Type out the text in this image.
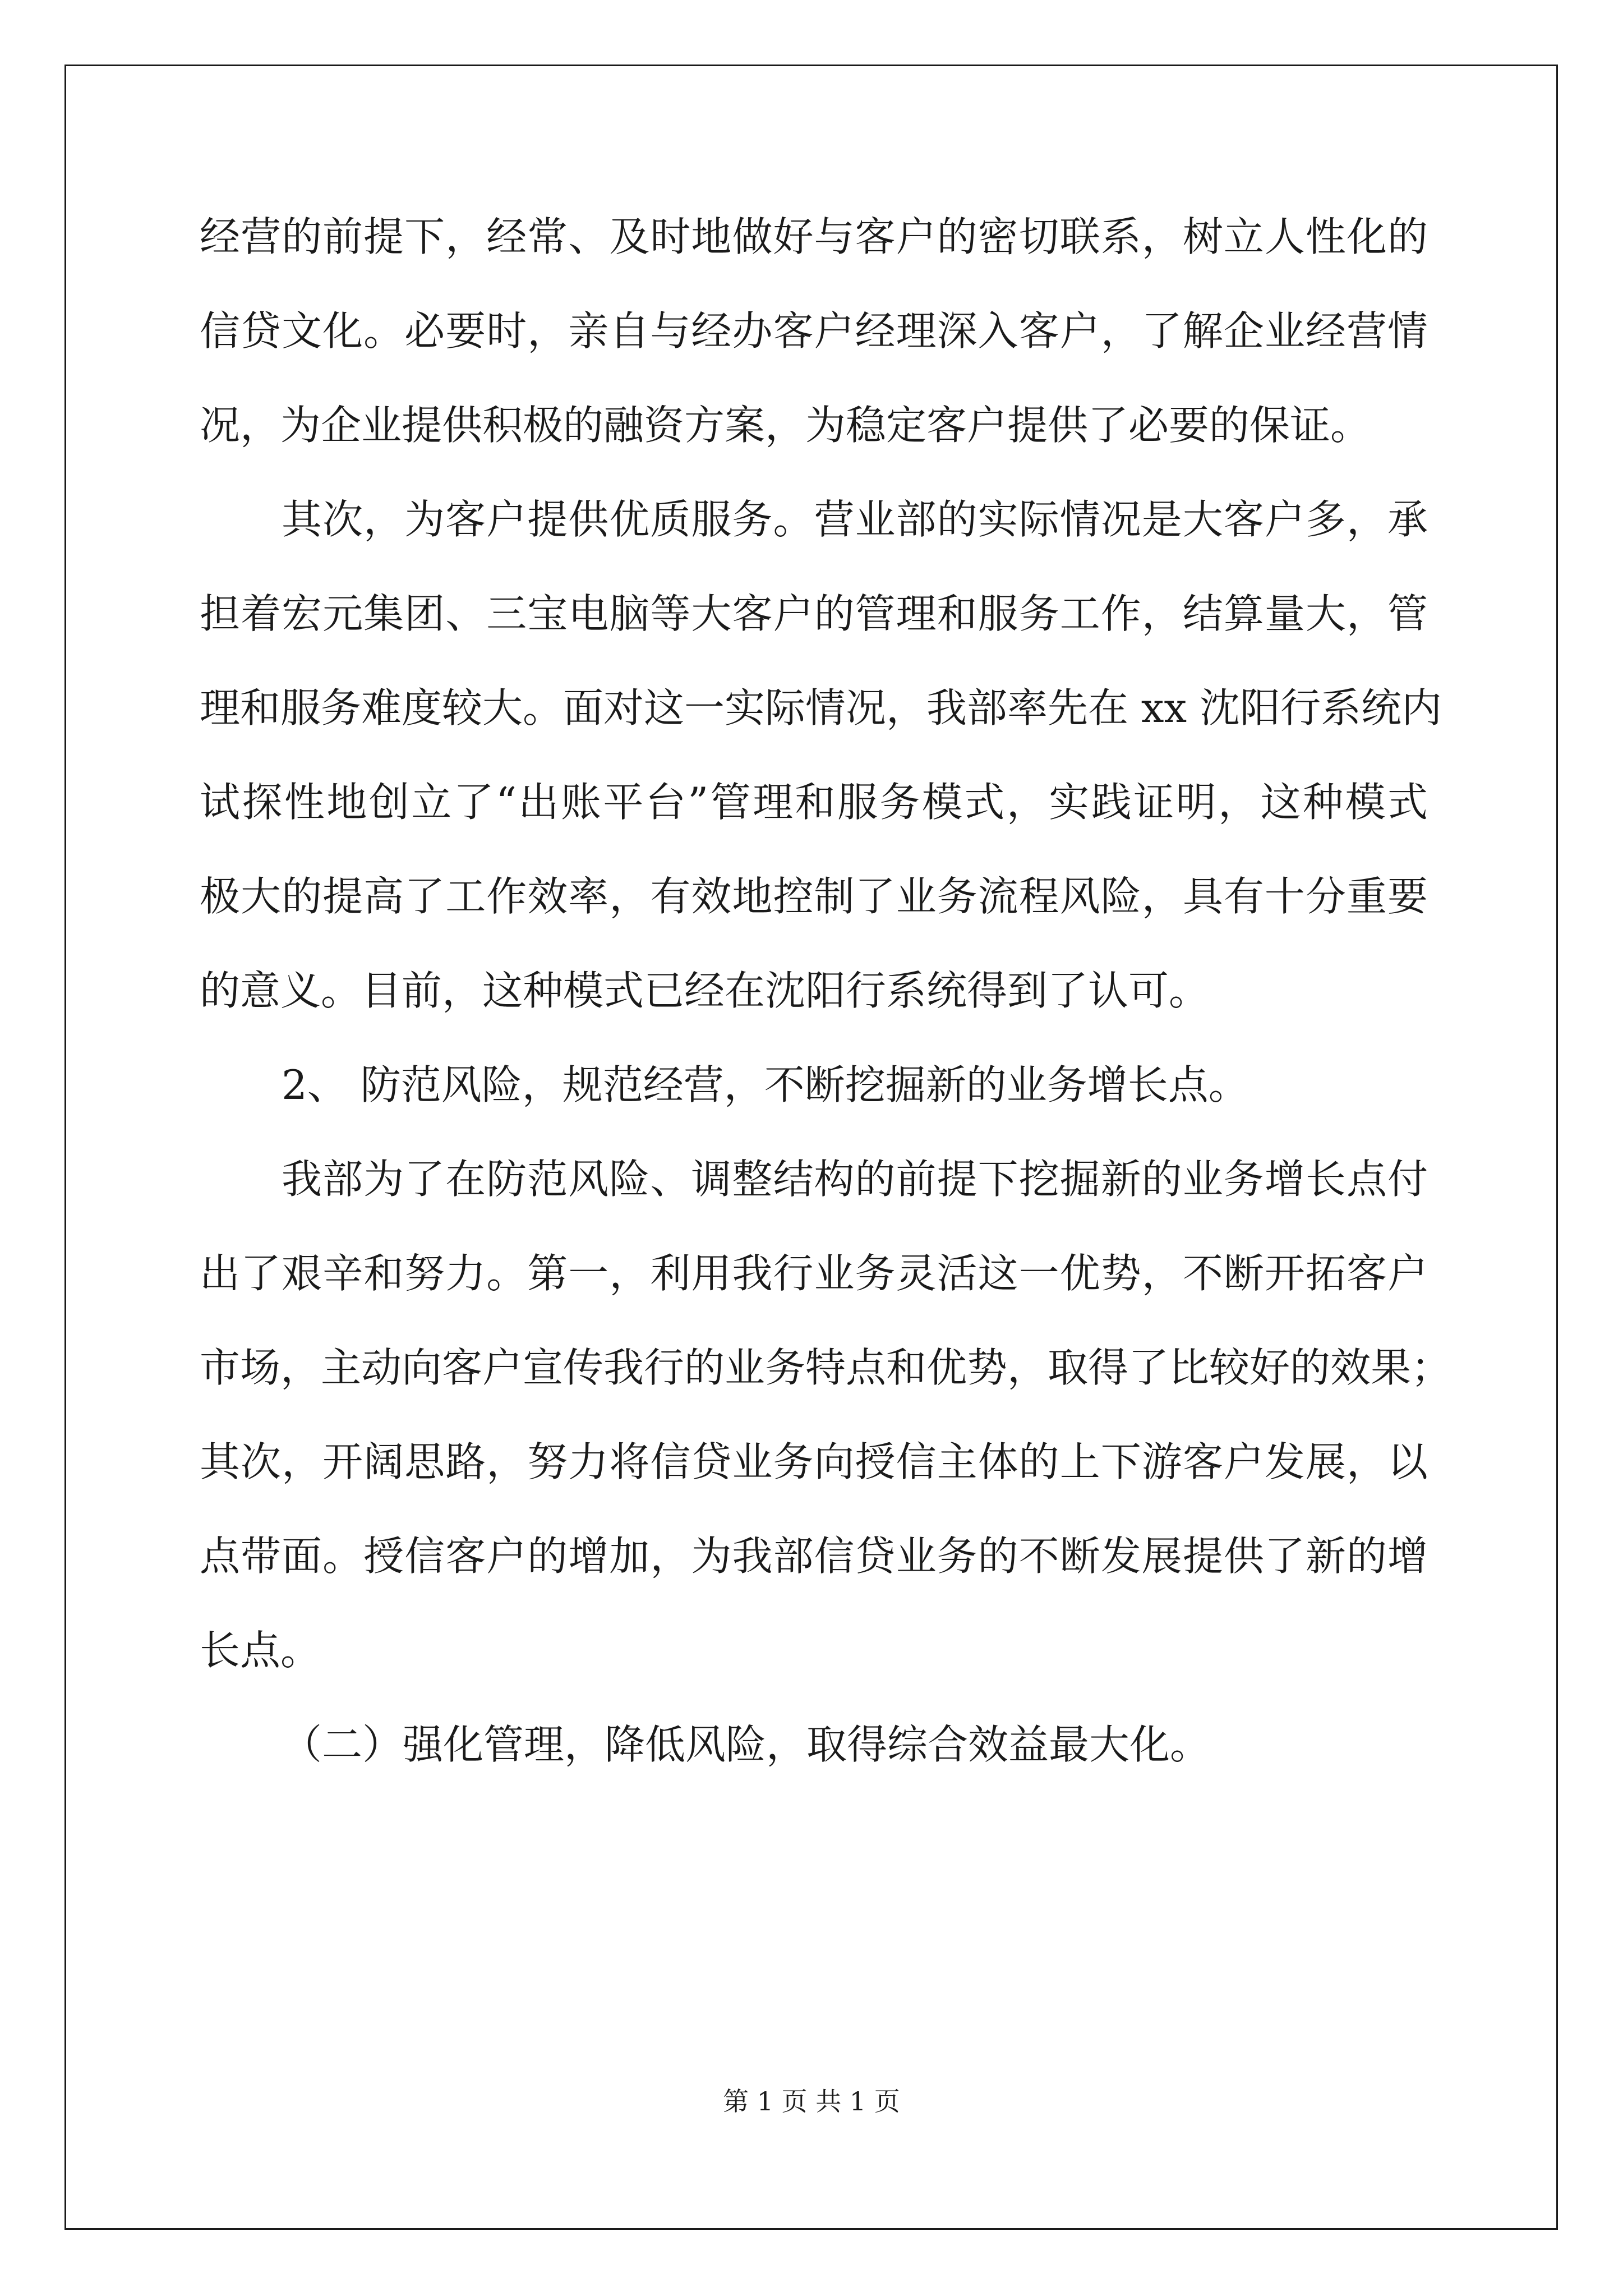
经营的前提下，经常、及时地做好与客户的密切联系，树立人性化的
信贷文化。必要时，亲自与经办客户经理深入客户，了解企业经营情
况，为企业提供积极的融资方案，为稳定客户提供了必要的保证。
其次，为客户提供优质服务。营业部的实际情况是大客户多，承
担着宏元集团、三宝电脑等大客户的管理和服务工作，结算量大，管
理和服务难度较大。面对这一实际情况，我部率先在 xx 沈阳行系统内
试探性地创立了“出账平台”管理和服务模式，实践证明，这种模式
极大的提高了工作效率，有效地控制了业务流程风险，具有十分重要
的意义。目前，这种模式已经在沈阳行系统得到了认可。
2、 防范风险，规范经营，不断挖掘新的业务增长点。
我部为了在防范风险、调整结构的前提下挖掘新的业务增长点付
出了艰辛和努力。第一，利用我行业务灵活这一优势，不断开拓客户
市场，主动向客户宣传我行的业务特点和优势，取得了比较好的效果；
其次，开阔思路，努力将信贷业务向授信主体的上下游客户发展，以
点带面。授信客户的增加，为我部信贷业务的不断发展提供了新的增
长点。
（二）强化管理，降低风险，取得综合效益最大化。
第 1 页 共 1 页
